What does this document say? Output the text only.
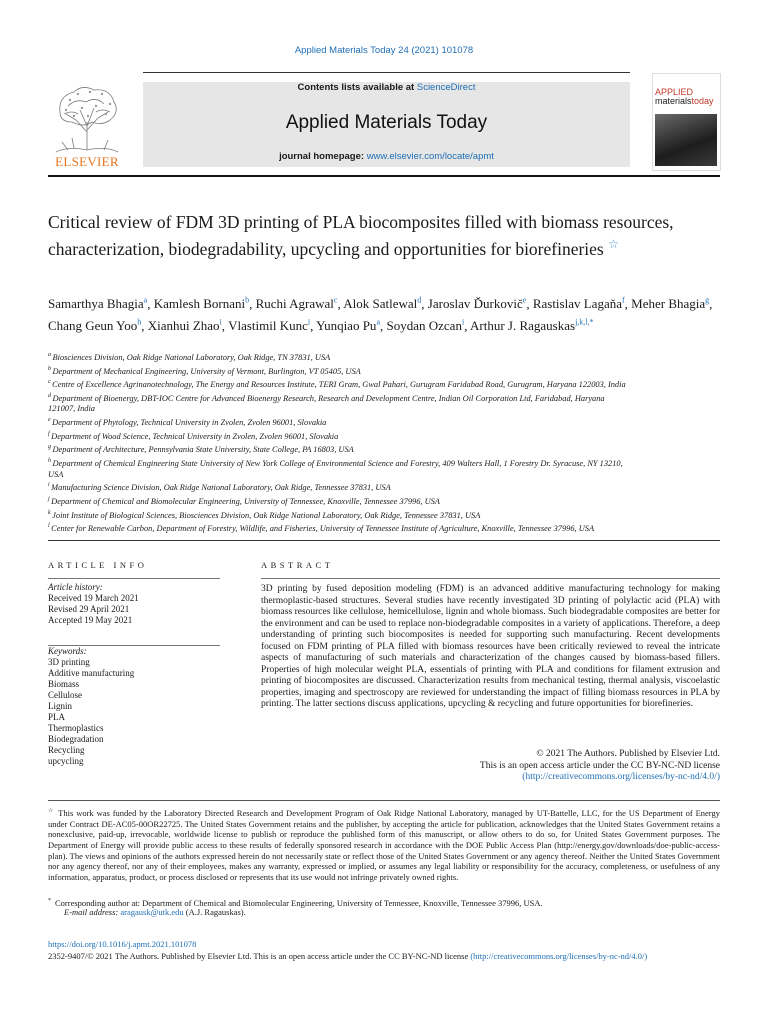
Applied Materials Today 24 (2021) 101078
ELSEVIER
Contents lists available at ScienceDirect
Applied Materials Today
journal homepage: www.elsevier.com/locate/apmt
APPLIED
materialstoday
Critical review of FDM 3D printing of PLA biocomposites filled with biomass resources, characterization, biodegradability, upcycling and opportunities for biorefineries ☆
Samarthya Bhagia$^a$, Kamlesh Bornani$^b$, Ruchi Agrawal$^c$, Alok Satlewal$^d$, Jaroslav Ďurkovič$^e$, Rastislav Lagaňa$^f$, Meher Bhagia$^g$, Chang Geun Yoo$^h$, Xianhui Zhao$^i$, Vlastimil Kunc$^i$, Yunqiao Pu$^a$, Soydan Ozcan$^i$, Arthur J. Ragauskas$^{j,k,l,*}$
$^a$ Biosciences Division, Oak Ridge National Laboratory, Oak Ridge, TN 37831, USA
$^b$ Department of Mechanical Engineering, University of Vermont, Burlington, VT 05405, USA
$^c$ Centre of Excellence Agrinanotechnology, The Energy and Resources Institute, TERI Gram, Gwal Pahari, Gurugram Faridabad Road, Gurugram, Haryana 122003, India
$^d$ Department of Bioenergy, DBT-IOC Centre for Advanced Bioenergy Research, Research and Development Centre, Indian Oil Corporation Ltd, Faridabad, Haryana 121007, India
$^e$ Department of Phytology, Technical University in Zvolen, Zvolen 96001, Slovakia
$^f$ Department of Wood Science, Technical University in Zvolen, Zvolen 96001, Slovakia
$^g$ Department of Architecture, Pennsylvania State University, State College, PA 16803, USA
$^h$ Department of Chemical Engineering State University of New York College of Environmental Science and Forestry, 409 Walters Hall, 1 Forestry Dr. Syracuse, NY 13210, USA
$^i$ Manufacturing Science Division, Oak Ridge National Laboratory, Oak Ridge, Tennessee 37831, USA
$^j$ Department of Chemical and Biomolecular Engineering, University of Tennessee, Knoxville, Tennessee 37996, USA
$^k$ Joint Institute of Biological Sciences, Biosciences Division, Oak Ridge National Laboratory, Oak Ridge, Tennessee 37831, USA
$^l$ Center for Renewable Carbon, Department of Forestry, Wildlife, and Fisheries, University of Tennessee Institute of Agriculture, Knoxville, Tennessee 37996, USA
ARTICLE INFO
Article history:
Received 19 March 2021
Revised 29 April 2021
Accepted 19 May 2021
Keywords:
3D printing
Additive manufacturing
Biomass
Cellulose
Lignin
PLA
Thermoplastics
Biodegradation
Recycling
upcycling
ABSTRACT
3D printing by fused deposition modeling (FDM) is an advanced additive manufacturing technology for making thermoplastic-based structures. Several studies have recently investigated 3D printing of polylactic acid (PLA) with biomass resources like cellulose, hemicellulose, lignin and whole biomass. Such biodegradable composites are better for the environment and can be used to replace non-biodegradable composites in a variety of applications. Therefore, a deep understanding of printing such biocomposites is needed for supporting such manufacturing. Recent developments focused on FDM printing of PLA filled with biomass resources have been critically reviewed to reveal the intricate aspects of manufacturing of such materials and characterization of the changes caused by biomass-based fillers. Properties of high molecular weight PLA, essentials of printing with PLA and conditions for filament extrusion and printing of biocomposites are discussed. Characterization results from mechanical testing, thermal analysis, viscoelastic properties, imaging and spectroscopy are reviewed for understanding the impact of filling biomass resources in PLA by printing. The latter sections discuss applications, upcycling & recycling and future opportunities for biorefineries.
© 2021 The Authors. Published by Elsevier Ltd.
This is an open access article under the CC BY-NC-ND license
(http://creativecommons.org/licenses/by-nc-nd/4.0/)
☆ This work was funded by the Laboratory Directed Research and Development Program of Oak Ridge National Laboratory, managed by UT-Battelle, LLC, for the US Department of Energy under Contract DE-AC05-00OR22725. The United States Government retains and the publisher, by accepting the article for publication, acknowledges that the United States Government retains a nonexclusive, paid-up, irrevocable, worldwide license to publish or reproduce the published form of this manuscript, or allow others to do so, for United States Government purposes. The Department of Energy will provide public access to these results of federally sponsored research in accordance with the DOE Public Access Plan (http://energy.gov/downloads/doe-public-access-plan). The views and opinions of the authors expressed herein do not necessarily state or reflect those of the United States Government or any agency thereof. Neither the United States Government nor any agency thereof, nor any of their employees, makes any warranty, expressed or implied, or assumes any legal liability or responsibility for the accuracy, completeness, or usefulness of any information, apparatus, product, or process disclosed or represents that its use would not infringe privately owned rights.
* Corresponding author at: Department of Chemical and Biomolecular Engineering, University of Tennessee, Knoxville, Tennessee 37996, USA.
E-mail address: aragausk@utk.edu (A.J. Ragauskas).
https://doi.org/10.1016/j.apmt.2021.101078
2352-9407/© 2021 The Authors. Published by Elsevier Ltd. This is an open access article under the CC BY-NC-ND license (http://creativecommons.org/licenses/by-nc-nd/4.0/)
